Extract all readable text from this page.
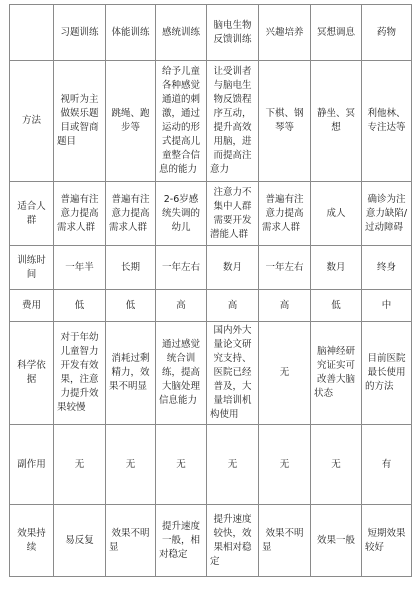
	习题训练	体能训练	感统训练	脑电生物反馈训练	兴趣培养	冥想调息	药物
方法	视听为主做娱乐题目或智商题目	跳绳、跑步等	给予儿童各种感觉通道的刺激，通过运动的形式提高儿童整合信息的能力	让受训者与脑电生物反馈程序互动，提升高效用脑，进而提高注意力	下棋、钢琴等	静坐、冥想	利他林、专注达等
适合人群	普遍有注意力提高需求人群	普遍有注意力提高需求人群	2-6岁感统失调的幼儿	注意力不集中人群需要开发潜能人群	普遍有注意力提高需求人群	成人	确诊为注意力缺陷/过动障碍
训练时间	一年半	长期	一年左右	数月	一年左右	数月	终身
费用	低	低	高	高	高	低	中
科学依据	对于年幼儿童智力开发有效果，注意力提升效果较慢	消耗过剩精力，效果不明显	通过感觉统合训练，提高大脑处理信息能力	国内外大量论文研究支持、医院已经普及，大量培训机构使用	无	脑神经研究证实可改善大脑状态	目前医院最长使用的方法
副作用	无	无	无	无	无	无	有
效果持续	易反复	效果不明显	提升速度一般，相对稳定	提升速度较快，效果相对稳定	效果不明显	效果一般	短期效果较好
